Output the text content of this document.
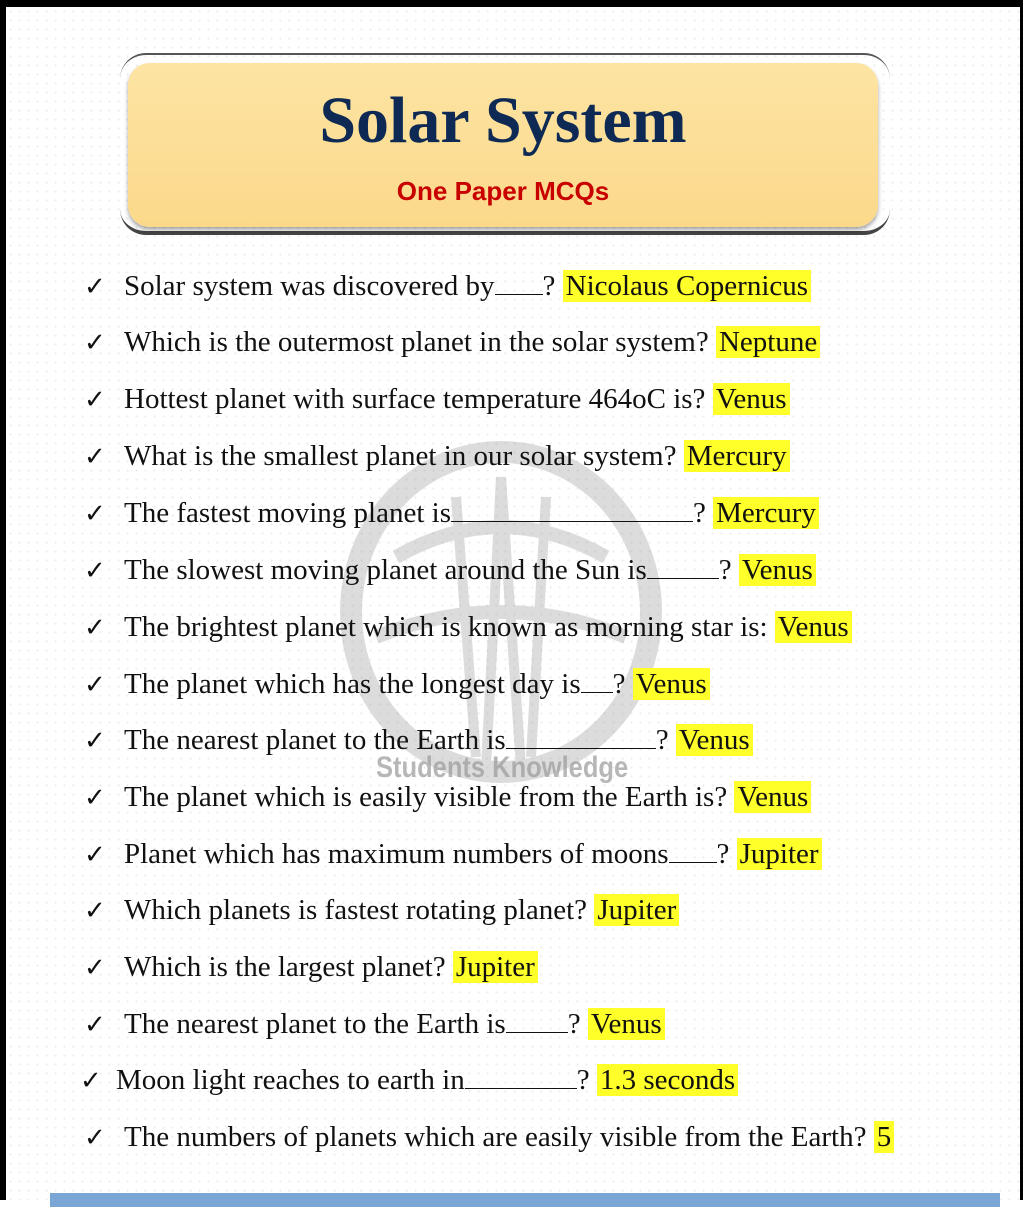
Solar System
One Paper MCQs
Students Knowledge
✓ Solar system was discovered by ? Nicolaus Copernicus
✓ Which is the outermost planet in the solar system? Neptune
✓ Hottest planet with surface temperature 464oC is? Venus
✓ What is the smallest planet in our solar system? Mercury
✓ The fastest moving planet is	? Mercury
✓ The slowest moving planet around the Sun is ? Venus
✓ The brightest planet which is known as morning star is: Venus
✓ The planet which has the longest day is ? Venus
✓ The nearest planet to the Earth is	? Venus
✓ The planet which is easily visible from the Earth is? Venus
✓ Planet which has maximum numbers of moons ? Jupiter
✓ Which planets is fastest rotating planet? Jupiter
✓ Which is the largest planet? Jupiter
✓ The nearest planet to the Earth is ? Venus
✓ Moon light reaches to earth in	? 1.3 seconds
✓ The numbers of planets which are easily visible from the Earth? 5
